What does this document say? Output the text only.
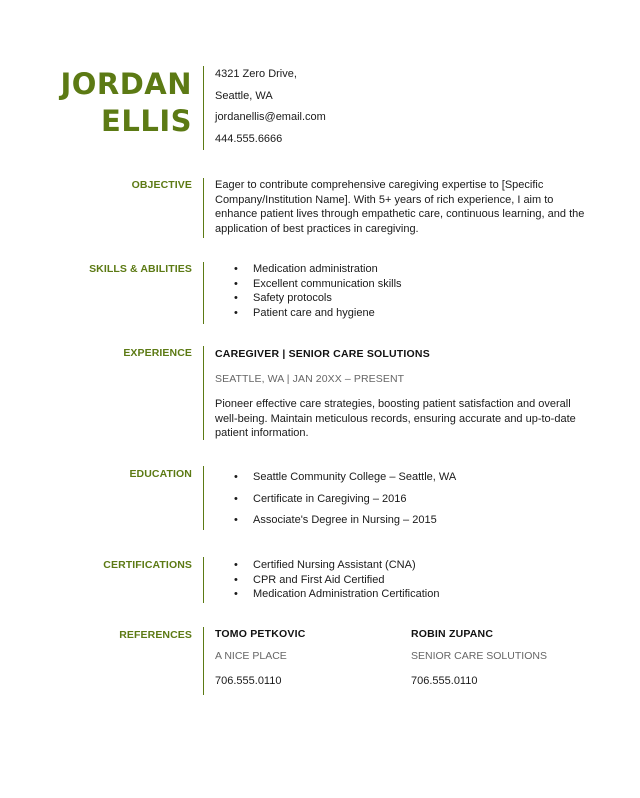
JORDAN
ELLIS
4321 Zero Drive,
Seattle, WA
jordanellis@email.com
444.555.6666
OBJECTIVE Eager to contribute comprehensive caregiving expertise to [Specific Company/Institution Name]. With 5+ years of rich experience, I aim to enhance patient lives through empathetic care, continuous learning, and the application of best practices in caregiving.
SKILLS & ABILITIES	• Medication administration
• Excellent communication skills
• Safety protocols
• Patient care and hygiene
EXPERIENCE CAREGIVER | SENIOR CARE SOLUTIONS
SEATTLE, WA | JAN 20XX – PRESENT
Pioneer effective care strategies, boosting patient satisfaction and overall well-being. Maintain meticulous records, ensuring accurate and up-to-date patient information.
EDUCATION	• Seattle Community College – Seattle, WA
• Certificate in Caregiving – 2016
• Associate's Degree in Nursing – 2015
CERTIFICATIONS	• Certified Nursing Assistant (CNA)
• CPR and First Aid Certified
• Medication Administration Certification
REFERENCES TOMO PETKOVIC
A NICE PLACE
706.555.0110
ROBIN ZUPANC
SENIOR CARE SOLUTIONS
706.555.0110
